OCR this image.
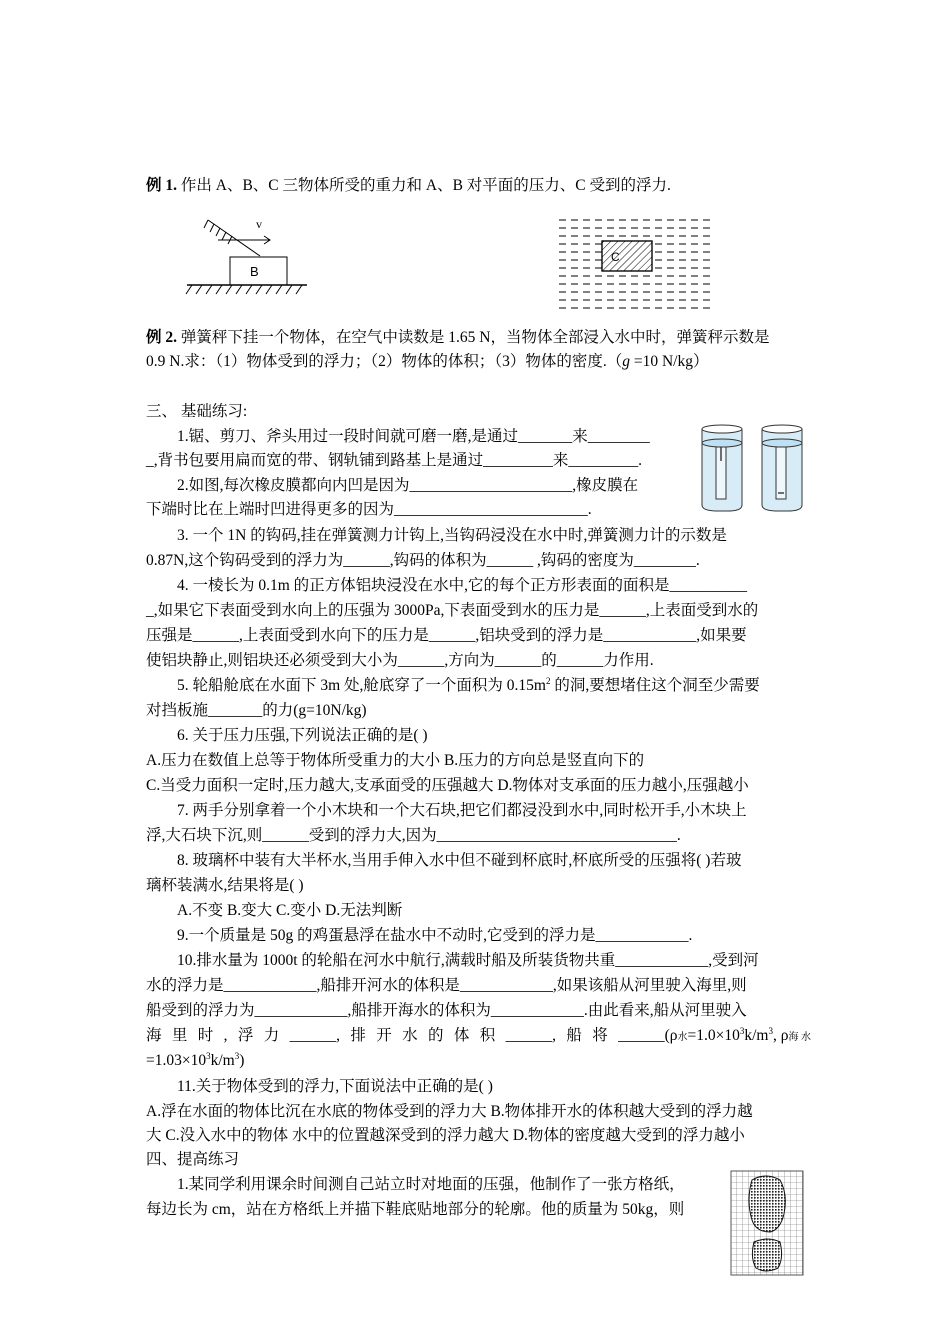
例 1. 作出 A、B、C 三物体所受的重力和 A、B 对平面的压力、C 受到的浮力.
v
B
C
例 2. 弹簧秤下挂一个物体，在空气中读数是 1.65 N，当物体全部浸入水中时，弹簧秤示数是
0.9 N.求：（1）物体受到的浮力；（2）物体的体积；（3）物体的密度.（g =10 N/kg）
三、 基础练习:
1.锯、剪刀、斧头用过一段时间就可磨一磨,是通过_______来________
_,背书包要用扁而宽的带、钢轨铺到路基上是通过_________来_________.
2.如图,每次橡皮膜都向内凹是因为_____________________,橡皮膜在
下端时比在上端时凹进得更多的因为_________________________.
3. 一个 1N 的钩码,挂在弹簧测力计钩上,当钩码浸没在水中时,弹簧测力计的示数是
0.87N,这个钩码受到的浮力为______,钩码的体积为______ ,钩码的密度为________.
4. 一棱长为 0.1m 的正方体铝块浸没在水中,它的每个正方形表面的面积是__________
_,如果它下表面受到水向上的压强为 3000Pa,下表面受到水的压力是______,上表面受到水的
压强是______,上表面受到水向下的压力是______,铝块受到的浮力是____________,如果要
使铝块静止,则铝块还必须受到大小为______,方向为______的______力作用.
5. 轮船舱底在水面下 3m 处,舱底穿了一个面积为 $0.15m^2$ 的洞,要想堵住这个洞至少需要
对挡板施_______的力(g=10N/kg)
6. 关于压力压强,下列说法正确的是( )
A.压力在数值上总等于物体所受重力的大小 B.压力的方向总是竖直向下的
C.当受力面积一定时,压力越大,支承面受的压强越大 D.物体对支承面的压力越小,压强越小
7. 两手分别拿着一个小木块和一个大石块,把它们都浸没到水中,同时松开手,小木块上
浮,大石块下沉,则______受到的浮力大,因为_______________________________.
8. 玻璃杯中装有大半杯水,当用手伸入水中但不碰到杯底时,杯底所受的压强将( )若玻
璃杯装满水,结果将是( )
A.不变 B.变大 C.变小 D.无法判断
9.一个质量是 50g 的鸡蛋悬浮在盐水中不动时,它受到的浮力是____________.
10.排水量为 1000t 的轮船在河水中航行,满载时船及所装货物共重____________,受到河
水的浮力是____________,船排开河水的体积是____________,如果该船从河里驶入海里,则
船受到的浮力为____________,船排开海水的体积为____________.由此看来,船从河里驶入
海 里 时 , 浮 力 ______, 排 开 水 的 体 积 ______, 船 将 ______(ρ水$=1.0\times 10^3k/m^3$, ρ海 水
$=1.03\times 10^3k/m^3$)
11.关于物体受到的浮力,下面说法中正确的是( )
A.浮在水面的物体比沉在水底的物体受到的浮力大 B.物体排开水的体积越大受到的浮力越
大 C.没入水中的物体 水中的位置越深受到的浮力越大 D.物体的密度越大受到的浮力越小
四、提高练习
1.某同学利用课余时间测自己站立时对地面的压强，他制作了一张方格纸，
每边长为 cm，站在方格纸上并描下鞋底贴地部分的轮廓。他的质量为 50kg，则
